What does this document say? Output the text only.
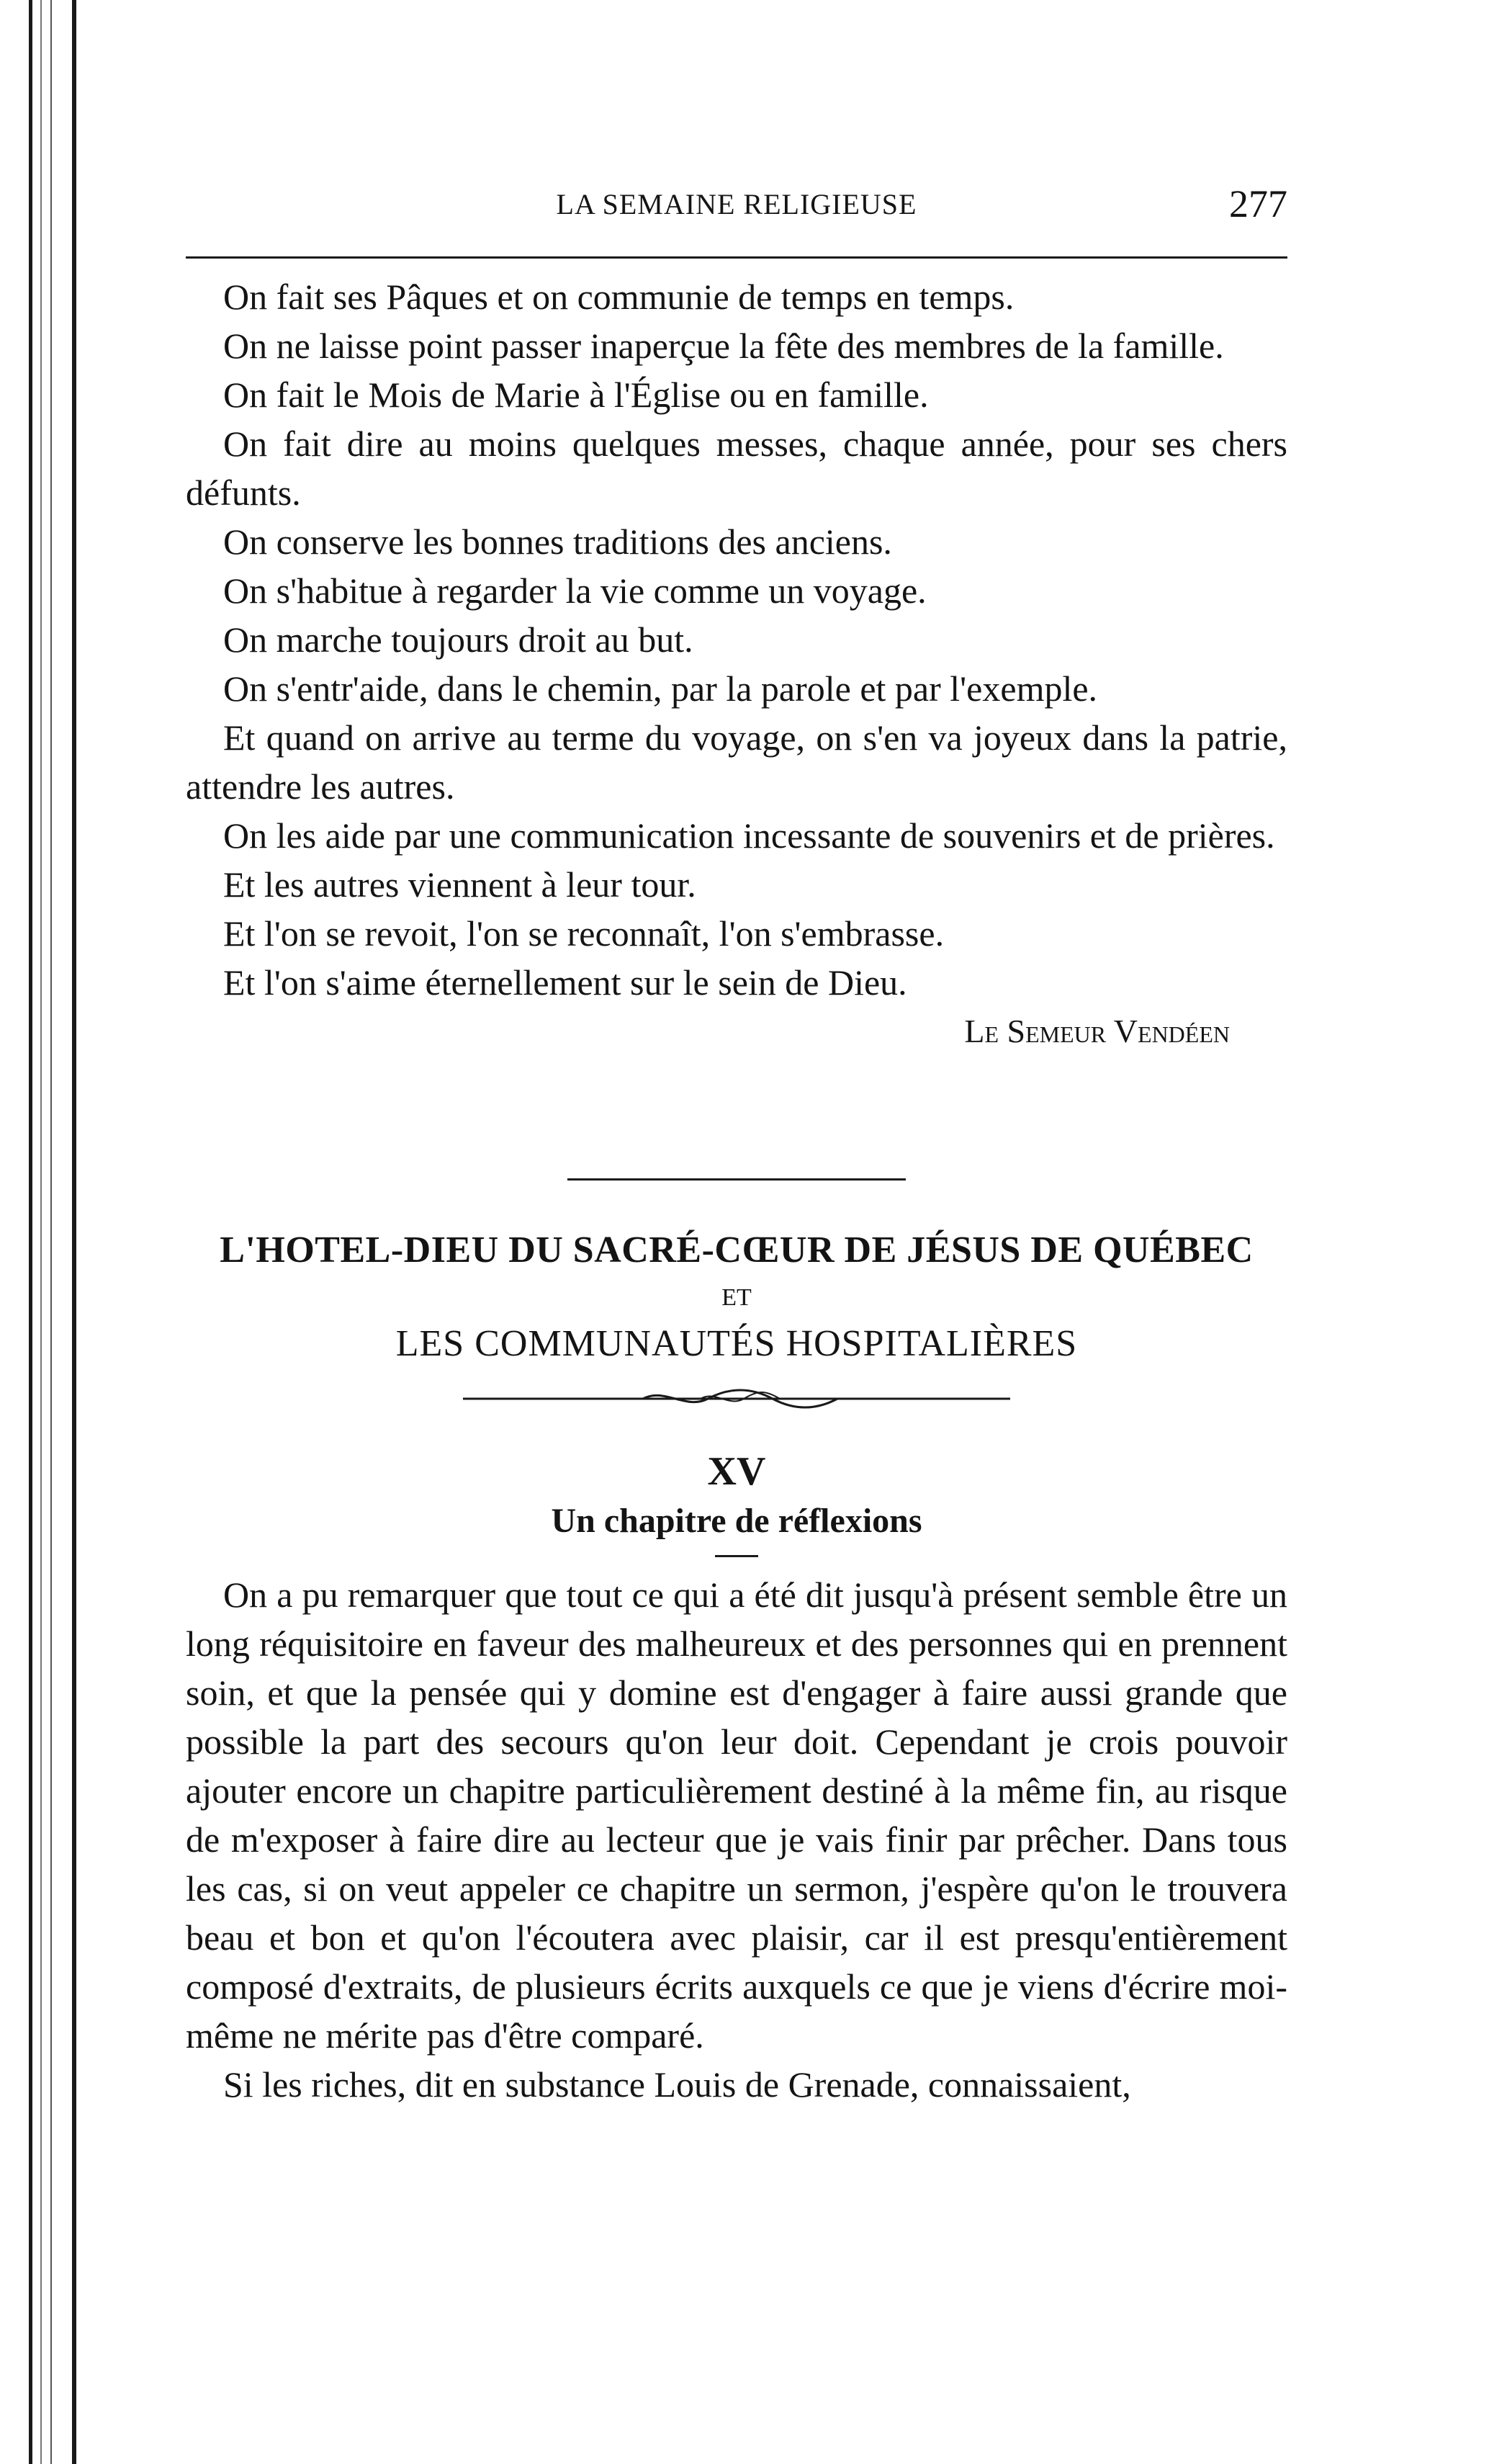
LA SEMAINE RELIGIEUSE	277

On fait ses Pâques et on communie de temps en temps.

On ne laisse point passer inaperçue la fête des membres de la famille.

On fait le Mois de Marie à l'Église ou en famille.

On fait dire au moins quelques messes, chaque année, pour ses chers défunts.

On conserve les bonnes traditions des anciens.

On s'habitue à regarder la vie comme un voyage.

On marche toujours droit au but.

On s'entr'aide, dans le chemin, par la parole et par l'exemple.

Et quand on arrive au terme du voyage, on s'en va joyeux dans la patrie, attendre les autres.

On les aide par une communication incessante de souvenirs et de prières.

Et les autres viennent à leur tour.

Et l'on se revoit, l'on se reconnaît, l'on s'embrasse.

Et l'on s'aime éternellement sur le sein de Dieu.

Le Semeur Vendéen
L'HOTEL-DIEU DU SACRÉ-CŒUR DE JÉSUS DE QUÉBEC
ET
LES COMMUNAUTÉS HOSPITALIÈRES
XV
Un chapitre de réflexions

On a pu remarquer que tout ce qui a été dit jusqu'à présent semble être un long réquisitoire en faveur des malheureux et des personnes qui en prennent soin, et que la pensée qui y domine est d'engager à faire aussi grande que possible la part des secours qu'on leur doit. Cependant je crois pouvoir ajouter encore un chapitre particulièrement destiné à la même fin, au risque de m'exposer à faire dire au lecteur que je vais finir par prêcher. Dans tous les cas, si on veut appeler ce chapitre un sermon, j'espère qu'on le trouvera beau et bon et qu'on l'écoutera avec plaisir, car il est presqu'entièrement composé d'extraits, de plusieurs écrits auxquels ce que je viens d'écrire moi-même ne mérite pas d'être comparé.

Si les riches, dit en substance Louis de Grenade, connaissaient,
